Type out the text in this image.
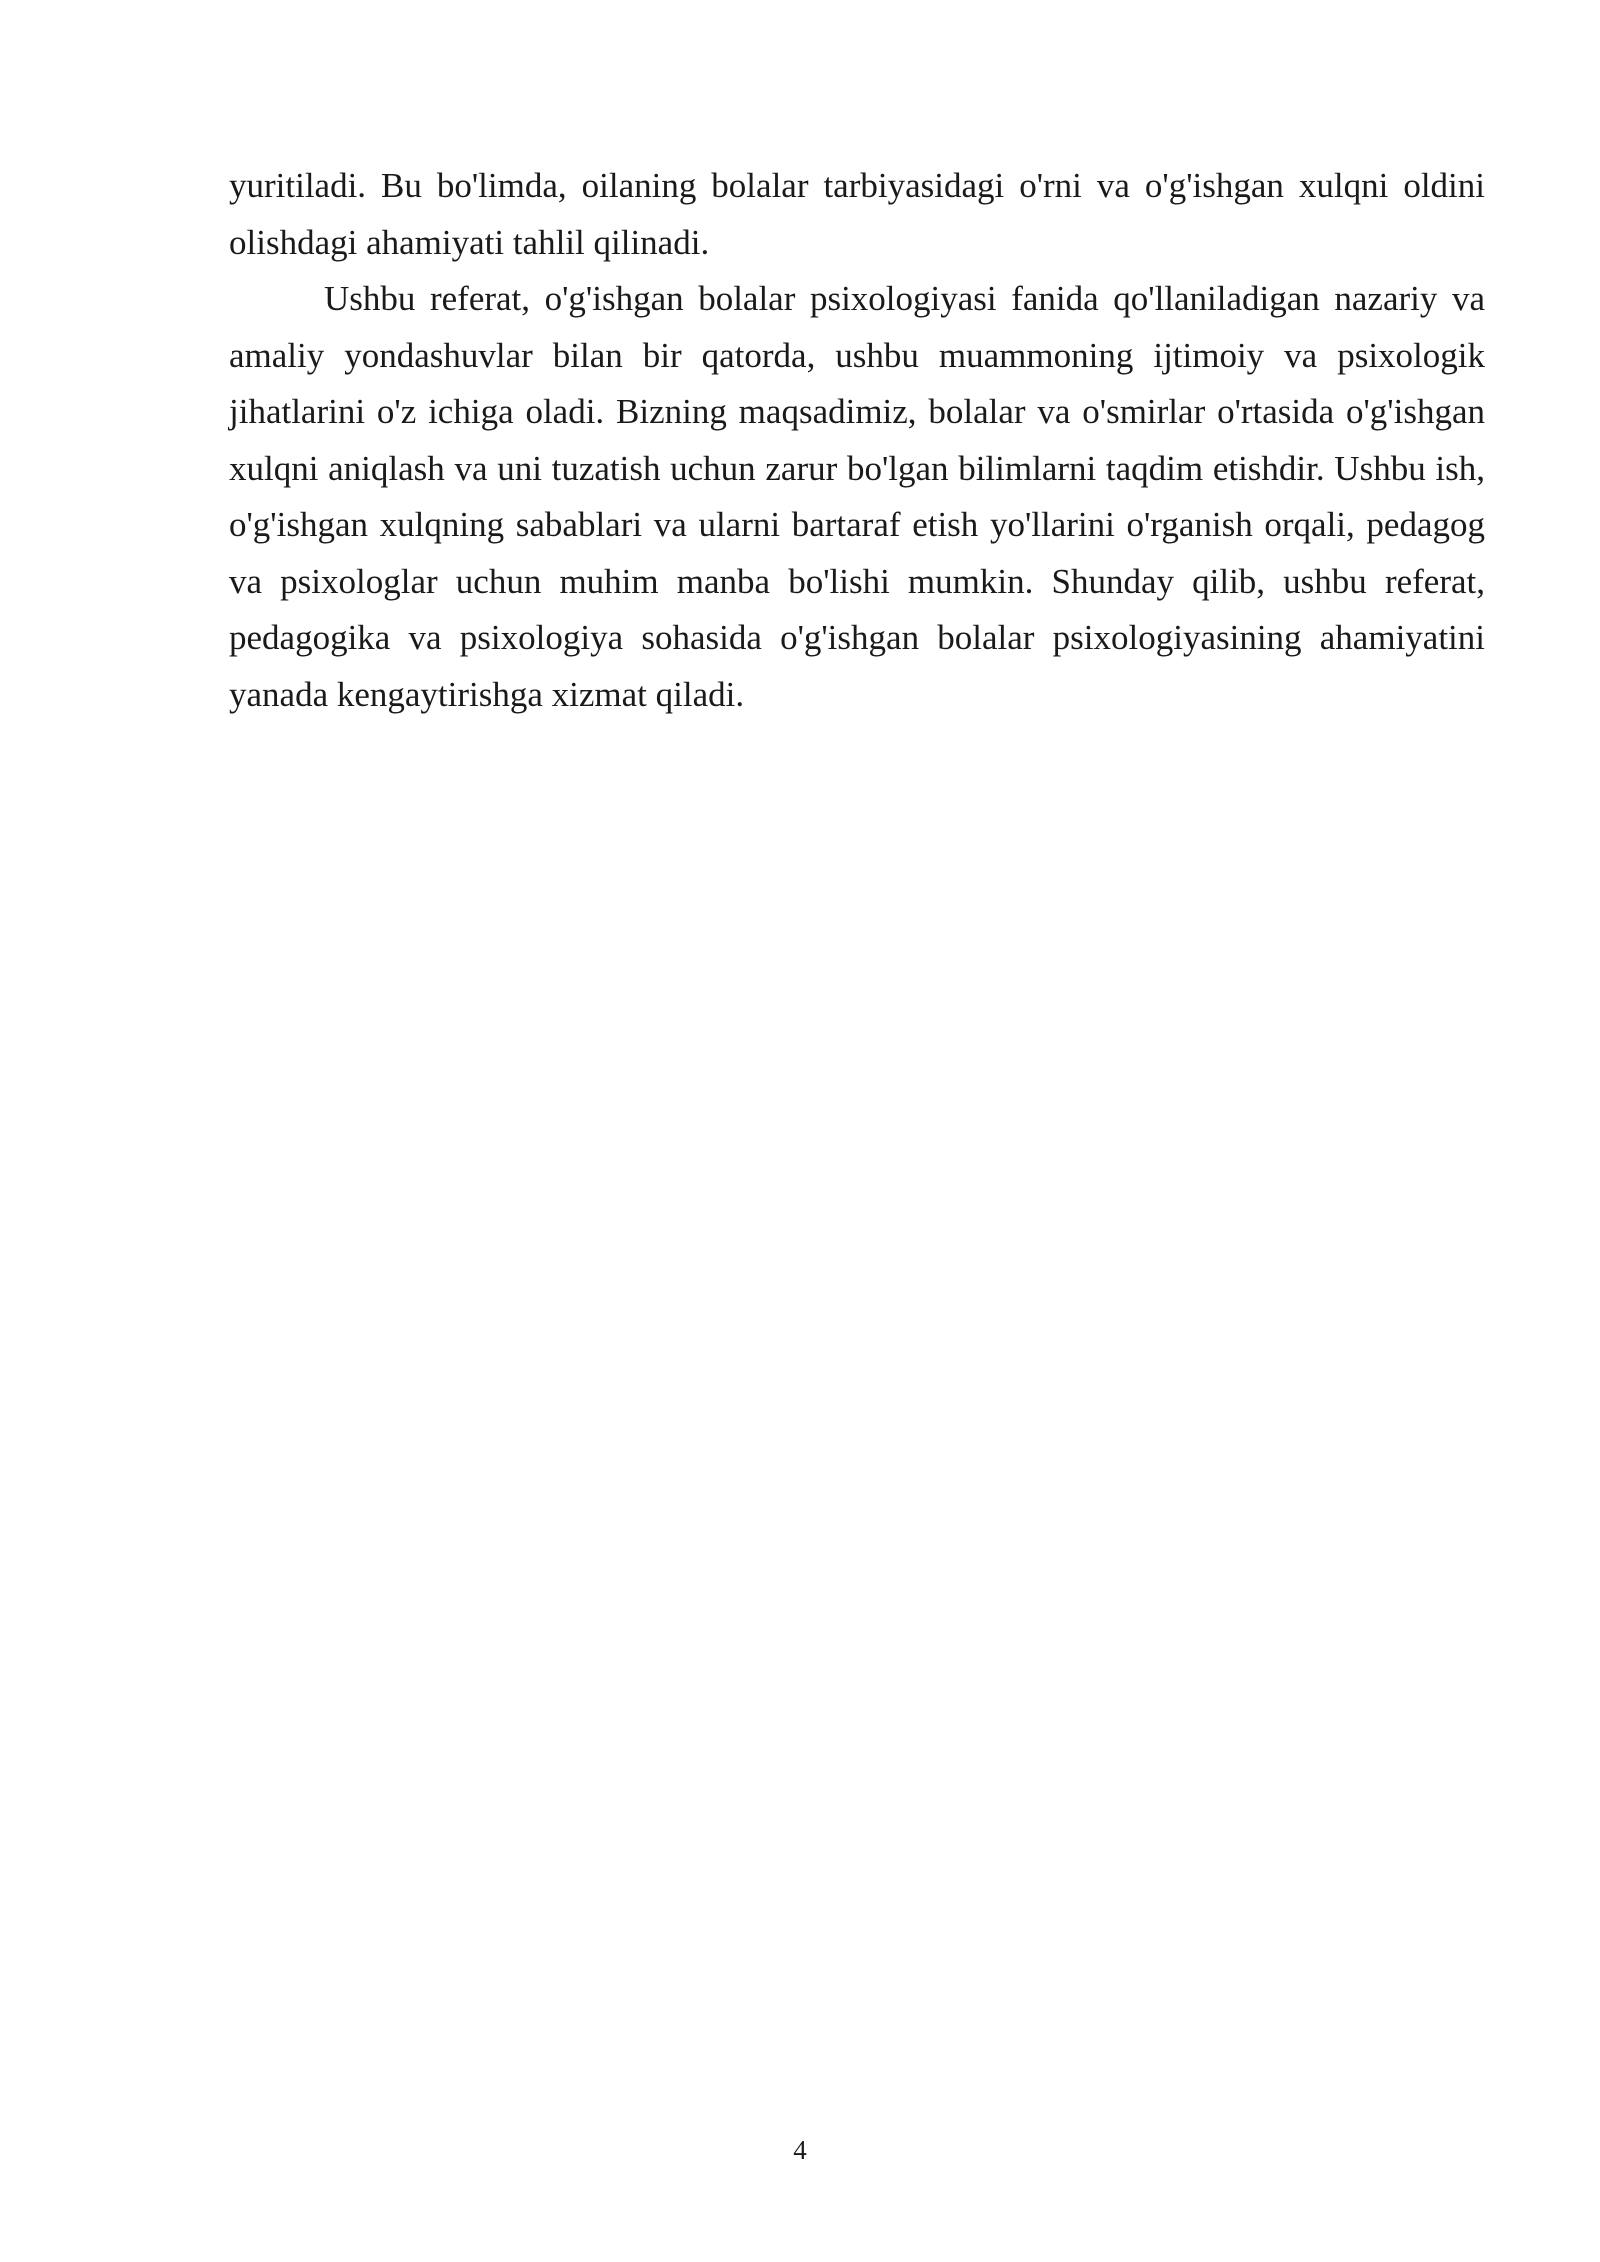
yuritiladi. Bu bo'limda, oilaning bolalar tarbiyasidagi o'rni va o'g'ishgan xulqni oldini olishdagi ahamiyati tahlil qilinadi.

Ushbu referat, o'g'ishgan bolalar psixologiyasi fanida qo'llaniladigan nazariy va amaliy yondashuvlar bilan bir qatorda, ushbu muammoning ijtimoiy va psixologik jihatlarini o'z ichiga oladi. Bizning maqsadimiz, bolalar va o'smirlar o'rtasida o'g'ishgan xulqni aniqlash va uni tuzatish uchun zarur bo'lgan bilimlarni taqdim etishdir. Ushbu ish, o'g'ishgan xulqning sabablari va ularni bartaraf etish yo'llarini o'rganish orqali, pedagog va psixologlar uchun muhim manba bo'lishi mumkin. Shunday qilib, ushbu referat, pedagogika va psixologiya sohasida o'g'ishgan bolalar psixologiyasining ahamiyatini yanada kengaytirishga xizmat qiladi.

4
